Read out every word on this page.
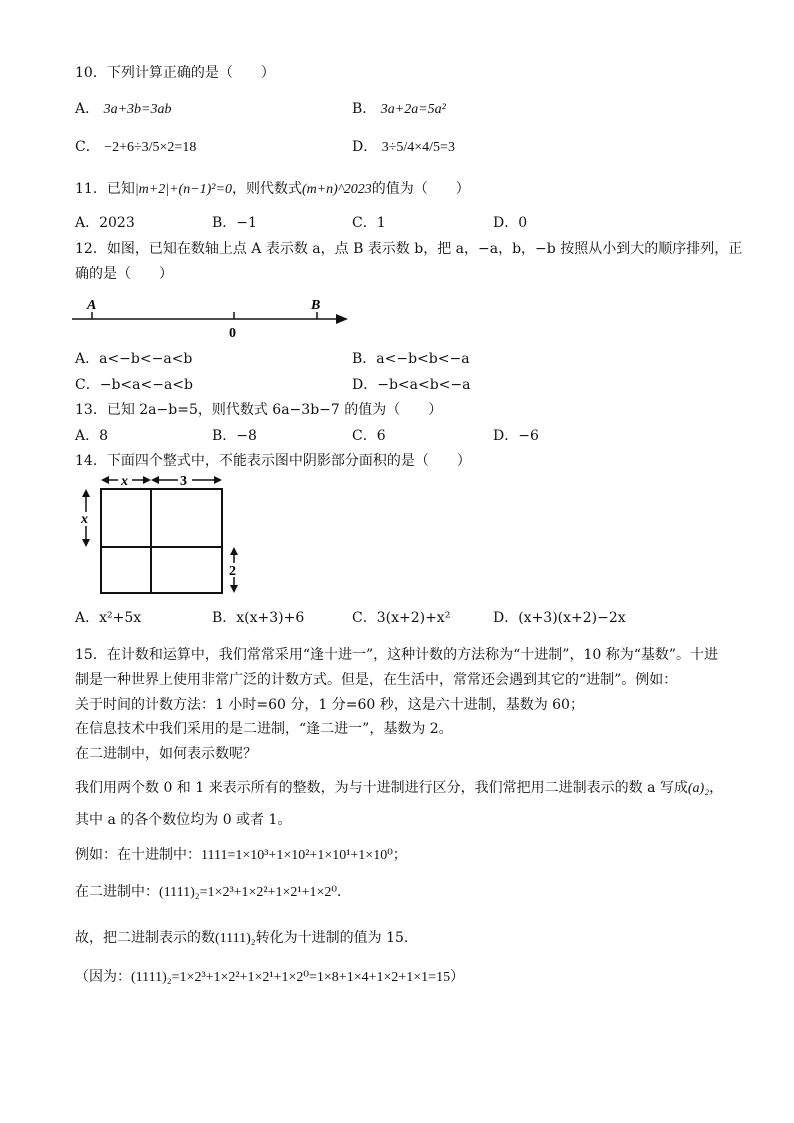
10．下列计算正确的是（　　）
A． 3a+3b=3ab	B． 3a+2a=5a²
C． −2+6÷3/5×2=18	D． 3÷5/4×4/5=3
11．已知|m+2|+(n−1)²=0，则代数式(m+n)^2023的值为（　　）
A．2023	B．−1	C．1	D．0
12．如图，已知在数轴上点 A 表示数 a，点 B 表示数 b，把 a，−a，b，−b 按照从小到大的顺序排列，正
确的是（　　）
A	B
0
A．a<−b<−a<b	B．a<−b<b<−a
C．−b<a<−a<b	D．−b<a<b<−a
13．已知 2a−b=5，则代数式 6a−3b−7 的值为（　　）
A．8	B．−8	C．6	D．−6
14．下面四个整式中，不能表示图中阴影部分面积的是（　　）
x	3
x
2
A．x²+5x	B．x(x+3)+6	C．3(x+2)+x²	D．(x+3)(x+2)−2x
15．在计数和运算中，我们常常采用“逢十进一”，这种计数的方法称为“十进制”，10 称为“基数”。十进
制是一种世界上使用非常广泛的计数方式。但是，在生活中，常常还会遇到其它的“进制”。例如：
关于时间的计数方法：1 小时=60 分，1 分=60 秒，这是六十进制，基数为 60；
在信息技术中我们采用的是二进制，“逢二进一”，基数为 2。
在二进制中，如何表示数呢？
我们用两个数 0 和 1 来表示所有的整数，为与十进制进行区分，我们常把用二进制表示的数 a 写成(a)₂，
其中 a 的各个数位均为 0 或者 1。
例如：在十进制中：1111=1×10³+1×10²+1×10¹+1×10⁰；
在二进制中：(1111)₂=1×2³+1×2²+1×2¹+1×2⁰．
故，把二进制表示的数(1111)₂转化为十进制的值为 15.
（因为：(1111)₂=1×2³+1×2²+1×2¹+1×2⁰=1×8+1×4+1×2+1×1=15）
